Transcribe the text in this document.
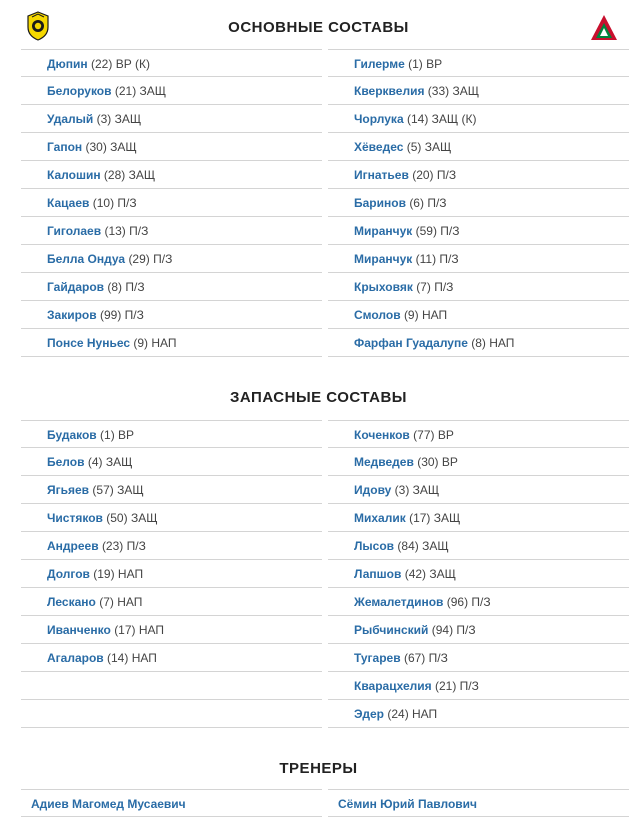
ОСНОВНЫЕ СОСТАВЫ
ЗАПАСНЫЕ СОСТАВЫ
ТРЕНЕРЫ
Дюпин (22) ВР (К)
Белоруков (21) ЗАЩ
Удалый (3) ЗАЩ
Гапон (30) ЗАЩ
Калошин (28) ЗАЩ
Кацаев (10) П/З
Гиголаев (13) П/З
Белла Ондуа (29) П/З
Гайдаров (8) П/З
Закиров (99) П/З
Понсе Нуньес (9) НАП
Гилерме (1) ВР
Кверквелия (33) ЗАЩ
Чорлука (14) ЗАЩ (К)
Хёведес (5) ЗАЩ
Игнатьев (20) П/З
Баринов (6) П/З
Миранчук (59) П/З
Миранчук (11) П/З
Крыховяк (7) П/З
Смолов (9) НАП
Фарфан Гуадалупе (8) НАП
Будаков (1) ВР
Белов (4) ЗАЩ
Ягьяев (57) ЗАЩ
Чистяков (50) ЗАЩ
Андреев (23) П/З
Долгов (19) НАП
Лескано (7) НАП
Иванченко (17) НАП
Агаларов (14) НАП
Коченков (77) ВР
Медведев (30) ВР
Идову (3) ЗАЩ
Михалик (17) ЗАЩ
Лысов (84) ЗАЩ
Лапшов (42) ЗАЩ
Жемалетдинов (96) П/З
Рыбчинский (94) П/З
Тугарев (67) П/З
Кварацхелия (21) П/З
Эдер (24) НАП
Адиев Магомед Мусаевич	Сёмин Юрий Павлович
